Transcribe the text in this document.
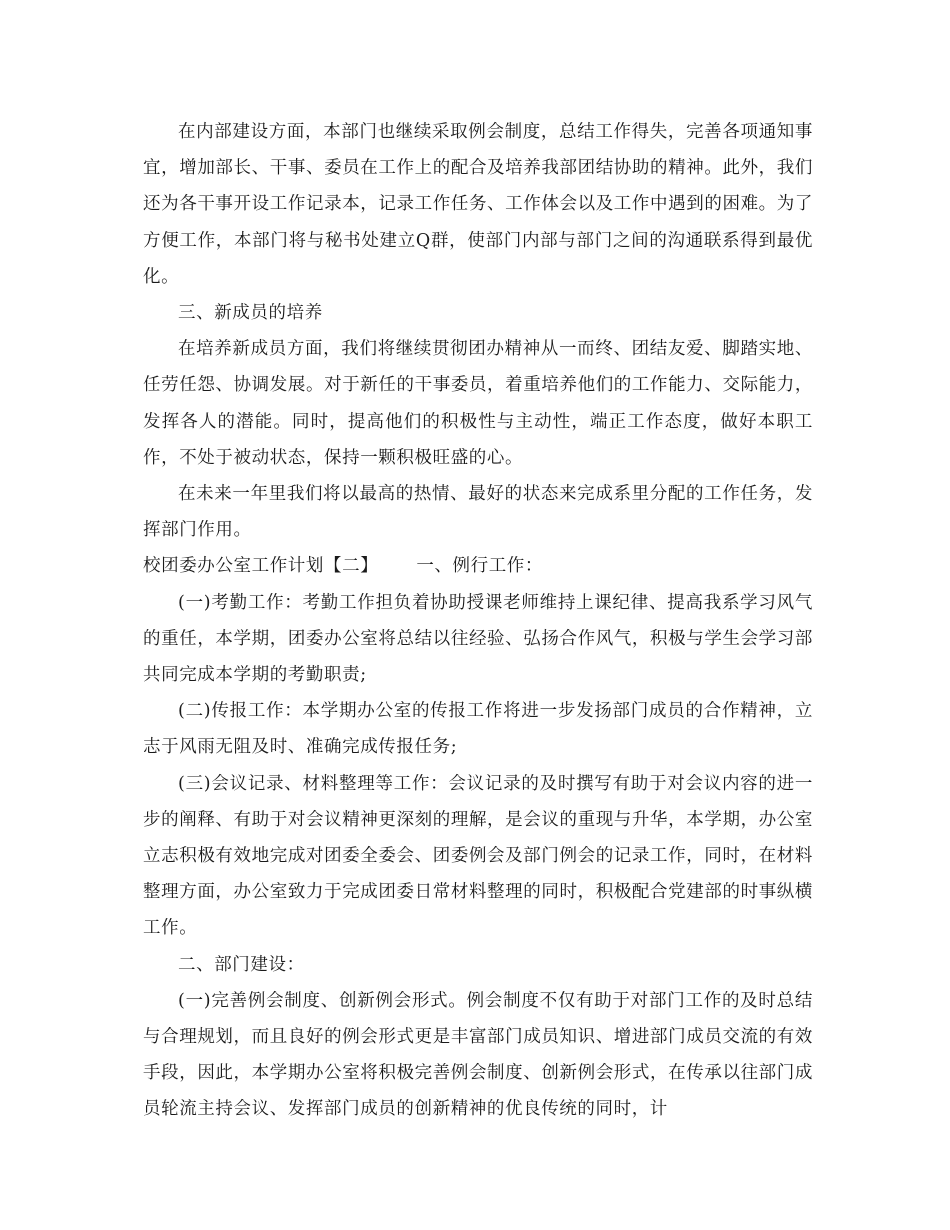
在内部建设方面，本部门也继续采取例会制度，总结工作得失，完善各项通知事宜，增加部长、干事、委员在工作上的配合及培养我部团结协助的精神。此外，我们还为各干事开设工作记录本，记录工作任务、工作体会以及工作中遇到的困难。为了方便工作，本部门将与秘书处建立Q群，使部门内部与部门之间的沟通联系得到最优化。

三、新成员的培养

在培养新成员方面，我们将继续贯彻团办精神从一而终、团结友爱、脚踏实地、任劳任怨、协调发展。对于新任的干事委员，着重培养他们的工作能力、交际能力，发挥各人的潜能。同时，提高他们的积极性与主动性，端正工作态度，做好本职工作，不处于被动状态，保持一颗积极旺盛的心。

在未来一年里我们将以最高的热情、最好的状态来完成系里分配的工作任务，发挥部门作用。

校团委办公室工作计划【二】 一、例行工作：

(一)考勤工作：考勤工作担负着协助授课老师维持上课纪律、提高我系学习风气的重任，本学期，团委办公室将总结以往经验、弘扬合作风气，积极与学生会学习部共同完成本学期的考勤职责;

(二)传报工作：本学期办公室的传报工作将进一步发扬部门成员的合作精神，立志于风雨无阻及时、准确完成传报任务;

(三)会议记录、材料整理等工作：会议记录的及时撰写有助于对会议内容的进一步的阐释、有助于对会议精神更深刻的理解，是会议的重现与升华，本学期，办公室立志积极有效地完成对团委全委会、团委例会及部门例会的记录工作，同时，在材料整理方面，办公室致力于完成团委日常材料整理的同时，积极配合党建部的时事纵横工作。

二、部门建设：

(一)完善例会制度、创新例会形式。例会制度不仅有助于对部门工作的及时总结与合理规划，而且良好的例会形式更是丰富部门成员知识、增进部门成员交流的有效手段，因此，本学期办公室将积极完善例会制度、创新例会形式，在传承以往部门成员轮流主持会议、发挥部门成员的创新精神的优良传统的同时，计
